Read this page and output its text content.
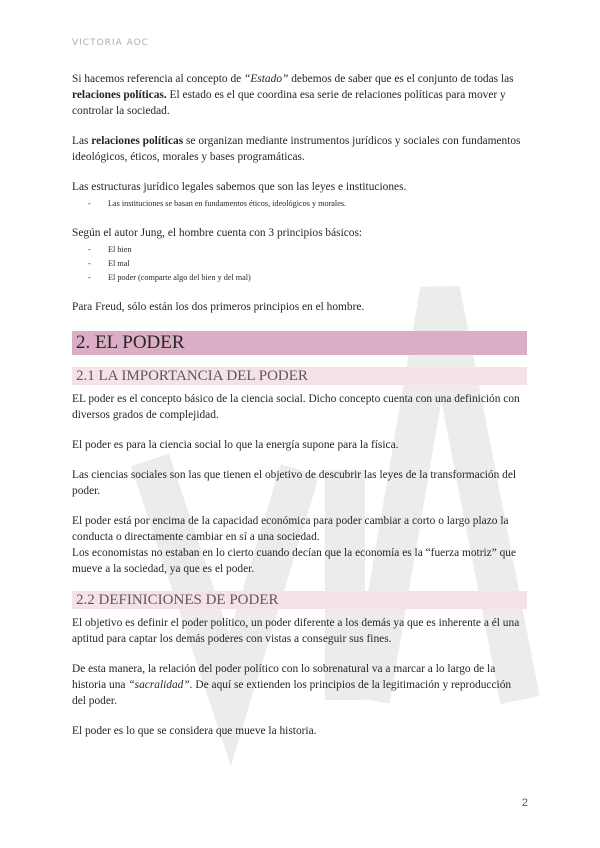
VICTORIA AOC

Si hacemos referencia al concepto de “Estado” debemos de saber que es el conjunto de todas las relaciones políticas. El estado es el que coordina esa serie de relaciones políticas para mover y controlar la sociedad.

Las relaciones políticas se organizan mediante instrumentos jurídicos y sociales con fundamentos ideológicos, éticos, morales y bases programáticas.

Las estructuras jurídico legales sabemos que son las leyes e instituciones.

- Las instituciones se basan en fundamentos éticos, ideológicos y morales.

Según el autor Jung, el hombre cuenta con 3 principios básicos:

- El bien
- El mal
- El poder (comparte algo del bien y del mal)

Para Freud, sólo están los dos primeros principios en el hombre.

2. EL PODER
2.1 LA IMPORTANCIA DEL PODER

EL poder es el concepto básico de la ciencia social. Dicho concepto cuenta con una definición con diversos grados de complejidad.

El poder es para la ciencia social lo que la energía supone para la física.

Las ciencias sociales son las que tienen el objetivo de descubrir las leyes de la transformación del poder.

El poder está por encima de la capacidad económica para poder cambiar a corto o largo plazo la conducta o directamente cambiar en sí a una sociedad.

Los economistas no estaban en lo cierto cuando decían que la economía es la “fuerza motriz” que mueve a la sociedad, ya que es el poder.

2.2 DEFINICIONES DE PODER

El objetivo es definir el poder político, un poder diferente a los demás ya que es inherente a él una aptitud para captar los demás poderes con vistas a conseguir sus fines.

De esta manera, la relación del poder político con lo sobrenatural va a marcar a lo largo de la historia una “sacralidad”. De aquí se extienden los principios de la legitimación y reproducción del poder.

El poder es lo que se considera que mueve la historia.

2
